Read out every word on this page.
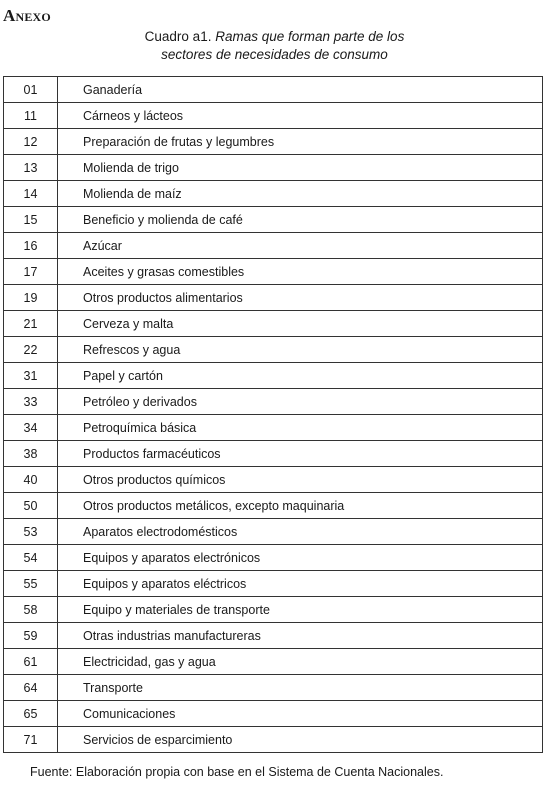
Anexo
Cuadro a1. Ramas que forman parte de los
sectores de necesidades de consumo
01	Ganadería
11	Cárneos y lácteos
12	Preparación de frutas y legumbres
13	Molienda de trigo
14	Molienda de maíz
15	Beneficio y molienda de café
16	Azúcar
17	Aceites y grasas comestibles
19	Otros productos alimentarios
21	Cerveza y malta
22	Refrescos y agua
31	Papel y cartón
33	Petróleo y derivados
34	Petroquímica básica
38	Productos farmacéuticos
40	Otros productos químicos
50	Otros productos metálicos, excepto maquinaria
53	Aparatos electrodomésticos
54	Equipos y aparatos electrónicos
55	Equipos y aparatos eléctricos
58	Equipo y materiales de transporte
59	Otras industrias manufactureras
61	Electricidad, gas y agua
64	Transporte
65	Comunicaciones
71	Servicios de esparcimiento
Fuente: Elaboración propia con base en el Sistema de Cuenta Nacionales.
